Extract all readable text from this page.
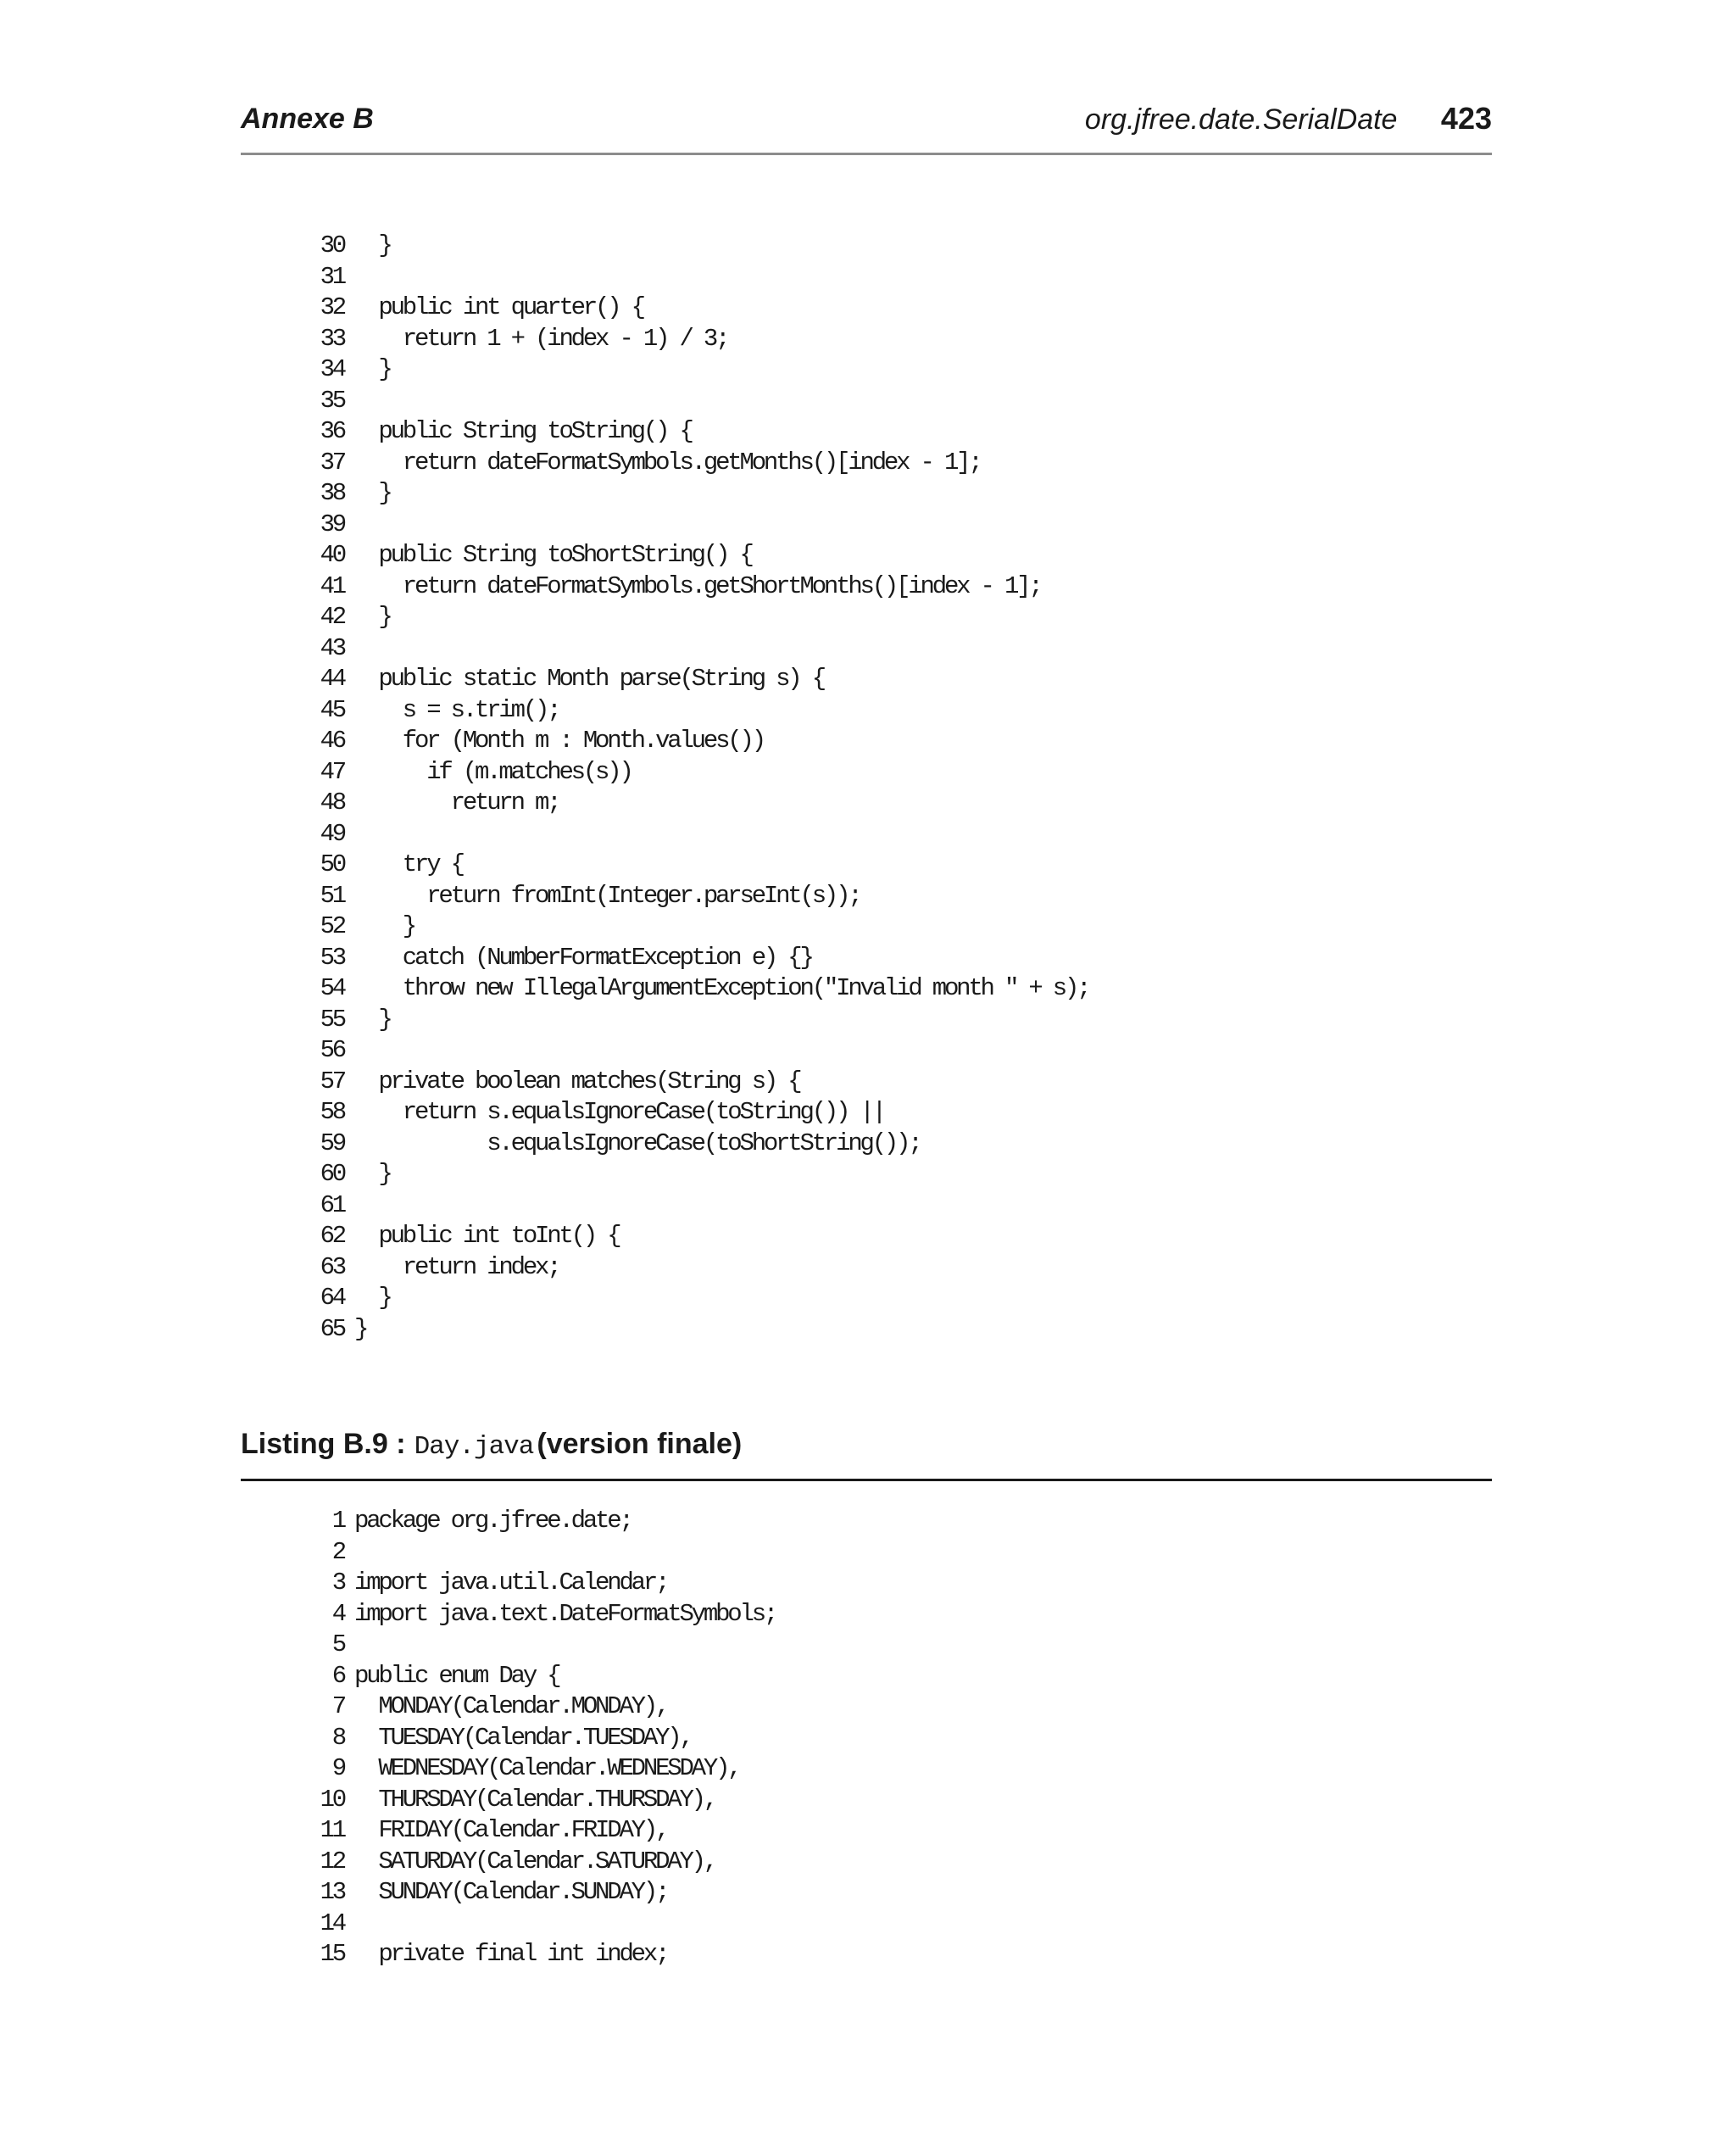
Annexe B	org.jfree.date.SerialDate 423
30  }
31
32  public int quarter() {
33    return 1 + (index - 1) / 3;
34  }
35
36  public String toString() {
37    return dateFormatSymbols.getMonths()[index - 1];
38  }
39
40  public String toShortString() {
41    return dateFormatSymbols.getShortMonths()[index - 1];
42  }
43
44  public static Month parse(String s) {
45    s = s.trim();
46    for (Month m : Month.values())
47      if (m.matches(s))
48        return m;
49
50    try {
51      return fromInt(Integer.parseInt(s));
52    }
53    catch (NumberFormatException e) {}
54    throw new IllegalArgumentException("Invalid month " + s);
55  }
56
57  private boolean matches(String s) {
58    return s.equalsIgnoreCase(toString()) ||
59           s.equalsIgnoreCase(toShortString());
60  }
61
62  public int toInt() {
63    return index;
64  }
65 }
Listing B.9 : Day.java (version finale)
1 package org.jfree.date;
2
3 import java.util.Calendar;
4 import java.text.DateFormatSymbols;
5
6 public enum Day {
7  MONDAY(Calendar.MONDAY),
8  TUESDAY(Calendar.TUESDAY),
9  WEDNESDAY(Calendar.WEDNESDAY),
10  THURSDAY(Calendar.THURSDAY),
11  FRIDAY(Calendar.FRIDAY),
12  SATURDAY(Calendar.SATURDAY),
13  SUNDAY(Calendar.SUNDAY);
14
15  private final int index;
